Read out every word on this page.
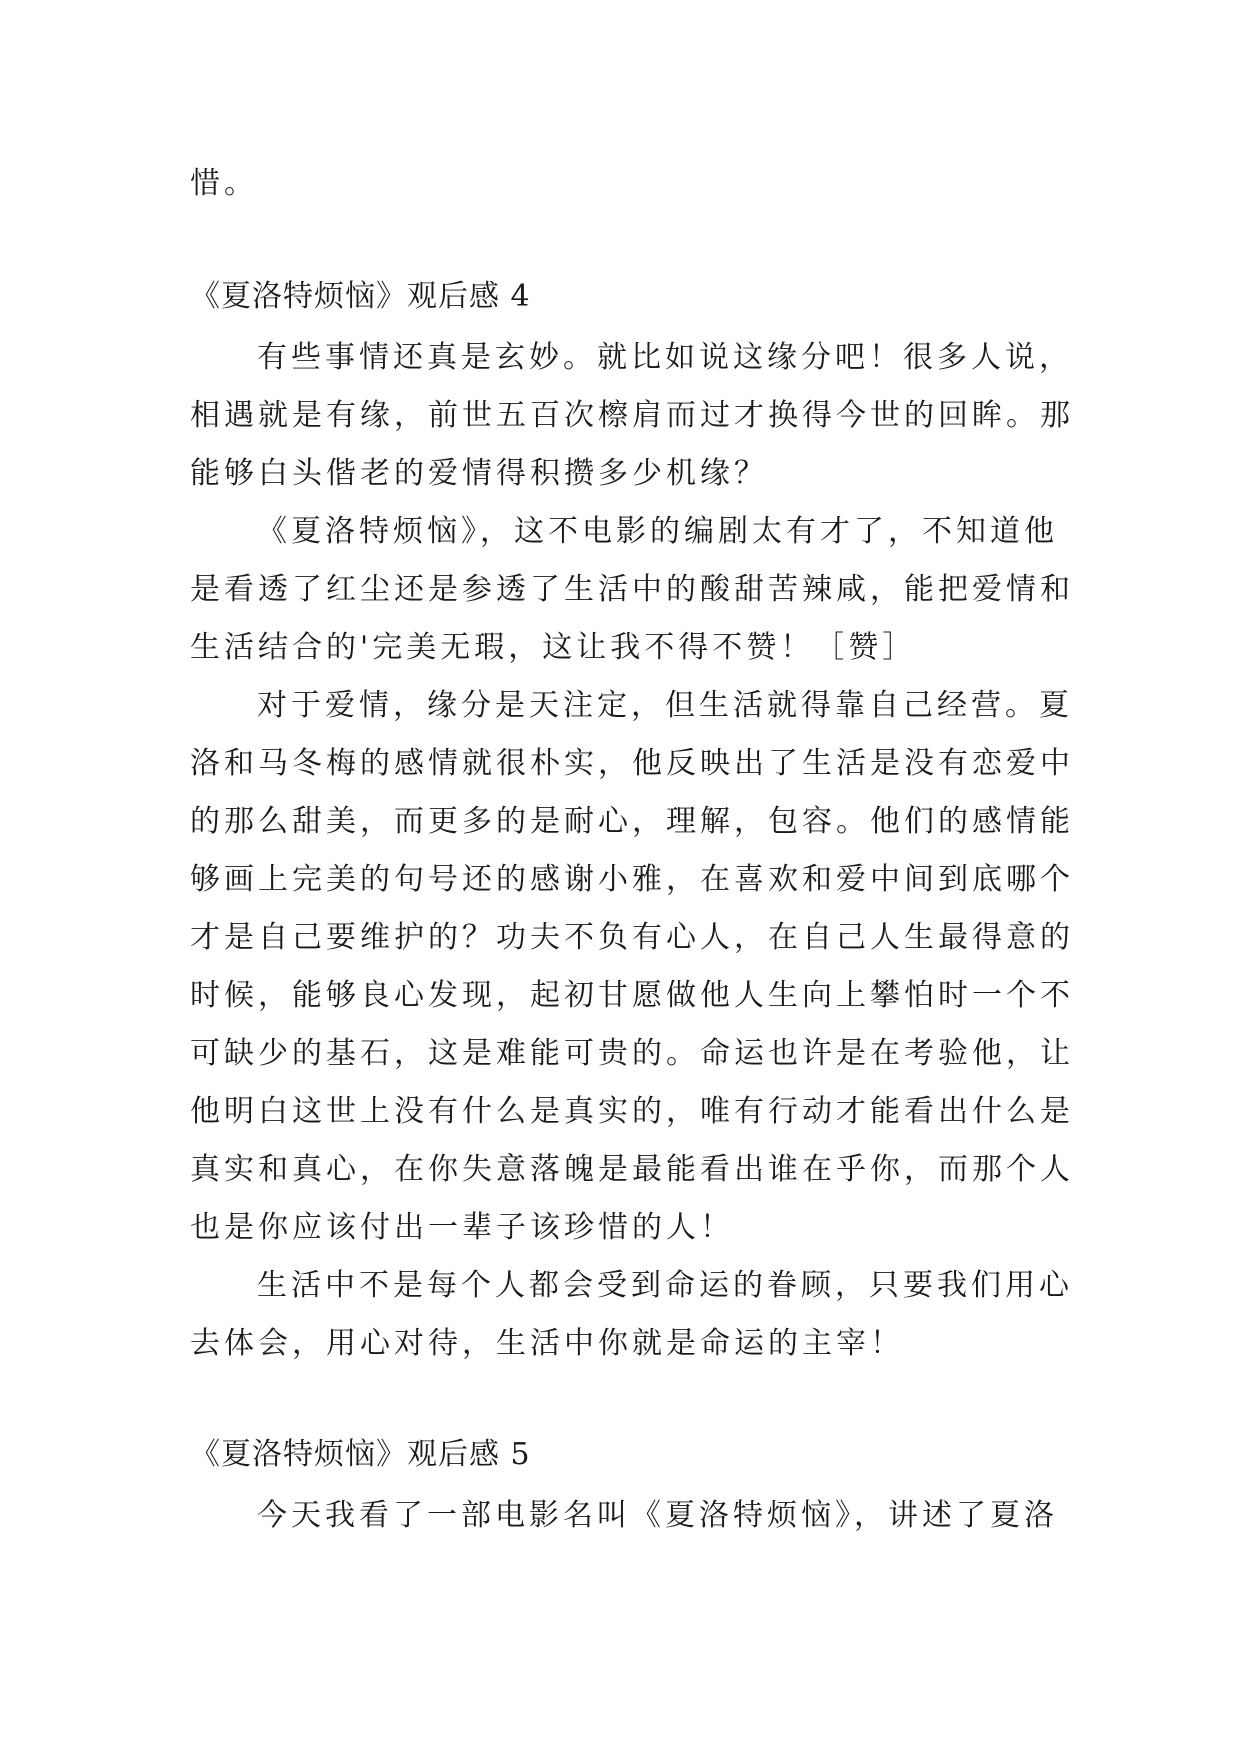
惜。
《夏洛特烦恼》观后感 4
有些事情还真是玄妙。就比如说这缘分吧！很多人说，
相遇就是有缘，前世五百次檫肩而过才换得今世的回眸。那
能够白头偕老的爱情得积攒多少机缘？
《夏洛特烦恼》，这不电影的编剧太有才了，不知道他
是看透了红尘还是参透了生活中的酸甜苦辣咸，能把爱情和
生活结合的'完美无瑕，这让我不得不赞！［赞］
对于爱情，缘分是天注定，但生活就得靠自己经营。夏
洛和马冬梅的感情就很朴实，他反映出了生活是没有恋爱中
的那么甜美，而更多的是耐心，理解，包容。他们的感情能
够画上完美的句号还的感谢小雅，在喜欢和爱中间到底哪个
才是自己要维护的？功夫不负有心人，在自己人生最得意的
时候，能够良心发现，起初甘愿做他人生向上攀怕时一个不
可缺少的基石，这是难能可贵的。命运也许是在考验他，让
他明白这世上没有什么是真实的，唯有行动才能看出什么是
真实和真心，在你失意落魄是最能看出谁在乎你，而那个人
也是你应该付出一辈子该珍惜的人！
生活中不是每个人都会受到命运的眷顾，只要我们用心
去体会，用心对待，生活中你就是命运的主宰！
《夏洛特烦恼》观后感 5
今天我看了一部电影名叫《夏洛特烦恼》，讲述了夏洛
